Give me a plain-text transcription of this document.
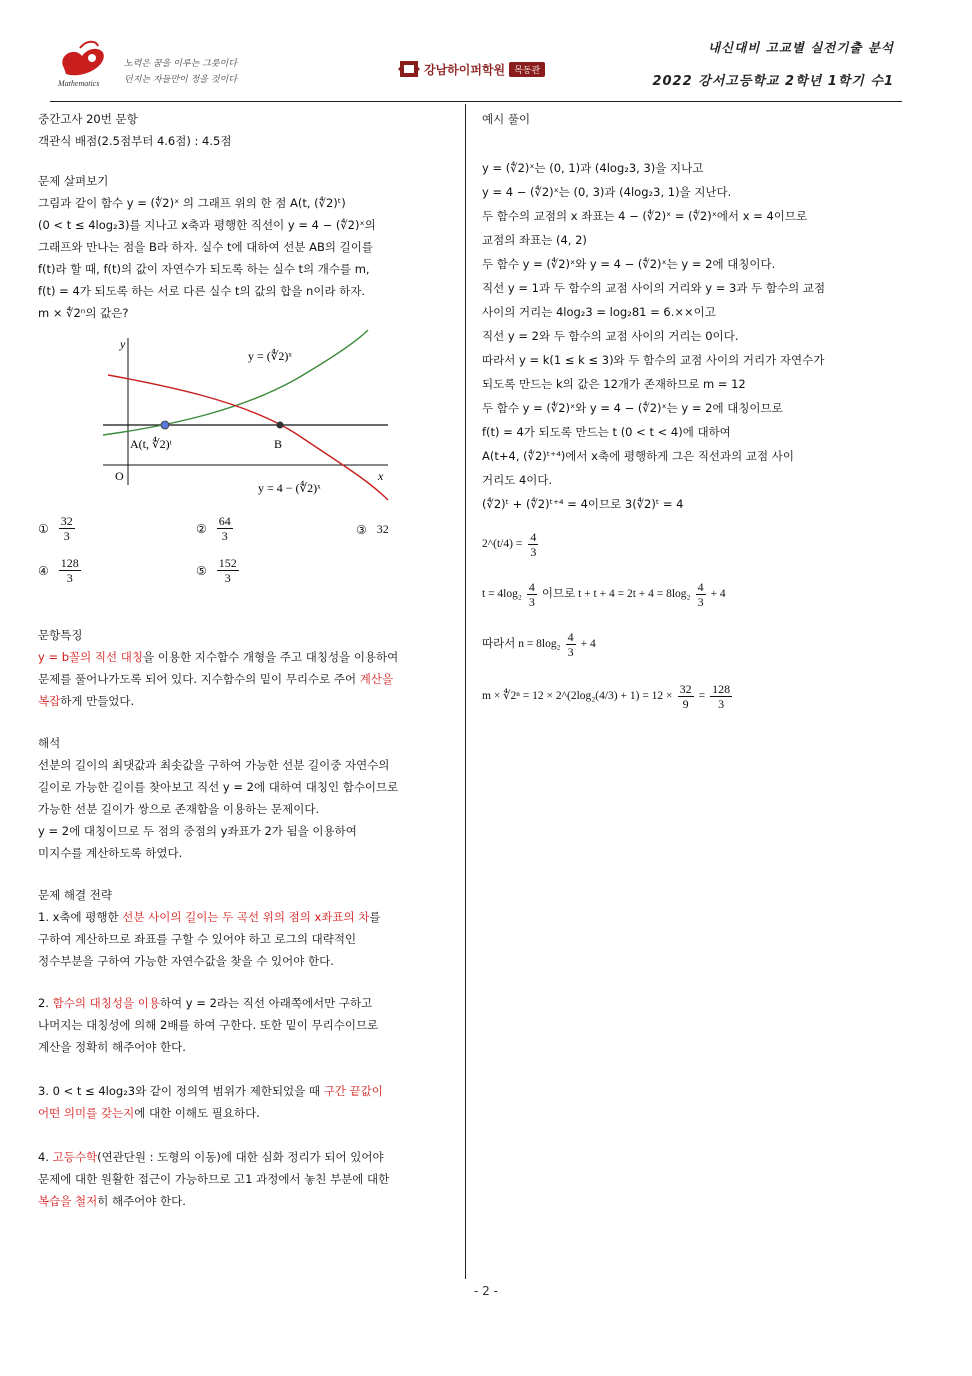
Mathematics
노력은 꿈을 이루는 그릇이다
던지는 자들만이 정을 것이다
강남하이퍼학원	목동관
내신대비 고교별 실전기출 분석
2022 강서고등학교 2학년 1학기 수1

중간고사 20번 문항

객관식 배점(2.5점부터 4.6점) : 4.5점

문제 살펴보기

그림과 같이 함수 y = (∜2)ˣ 의 그래프 위의 한 점 A(t, (∜2)ᵗ)

(0 < t ≤ 4log₂3)를 지나고 x축과 평행한 직선이 y = 4 − (∜2)ˣ의

그래프와 만나는 점을 B라 하자. 실수 t에 대하여 선분 AB의 길이를

f(t)라 할 때, f(t)의 값이 자연수가 되도록 하는 실수 t의 개수를 m,

f(t) = 4가 되도록 하는 서로 다른 실수 t의 값의 합을 n이라 하자.

m × ∜2ⁿ의 값은?

y
x
O
y = (∜2)ˣ
y = 4 − (∜2)ˣ
A(t, ∜2)ᵗ	B
① $\frac{32}{3}$	② $\frac{64}{3}$	③ 32
④ $\frac{128}{3}$	⑤ $\frac{152}{3}$

문항특징

y = b꼴의 직선 대칭을 이용한 지수함수 개형을 주고 대칭성을 이용하여

문제를 풀어나가도록 되어 있다. 지수함수의 밑이 무리수로 주어 계산을

복잡하게 만들었다.

해석

선분의 길이의 최댓값과 최솟값을 구하여 가능한 선분 길이중 자연수의

길이로 가능한 길이를 찾아보고 직선 y = 2에 대하여 대칭인 함수이므로

가능한 선분 길이가 쌍으로 존재함을 이용하는 문제이다.

y = 2에 대칭이므로 두 점의 중점의 y좌표가 2가 됨을 이용하여

미지수를 계산하도록 하였다.

문제 해결 전략

1. x축에 평행한 선분 사이의 길이는 두 곡선 위의 점의 x좌표의 차를

구하여 계산하므로 좌표를 구할 수 있어야 하고 로그의 대략적인

정수부분을 구하여 가능한 자연수값을 찾을 수 있어야 한다.

2. 함수의 대칭성을 이용하여 y = 2라는 직선 아래쪽에서만 구하고

나머지는 대칭성에 의해 2배를 하여 구한다. 또한 밑이 무리수이므로

계산을 정확히 해주어야 한다.

3. 0 < t ≤ 4log₂3와 같이 정의역 범위가 제한되었을 때 구간 끝값이

어떤 의미를 갖는지에 대한 이해도 필요하다.

4. 고등수학(연관단원 : 도형의 이동)에 대한 심화 정리가 되어 있어야

문제에 대한 원활한 접근이 가능하므로 고1 과정에서 놓친 부분에 대한

복습을 철저히 해주어야 한다.

예시 풀이

y = (∜2)ˣ는 (0, 1)과 (4log₂3, 3)을 지나고

y = 4 − (∜2)ˣ는 (0, 3)과 (4log₂3, 1)을 지난다.

두 함수의 교점의 x 좌표는 4 − (∜2)ˣ = (∜2)ˣ에서 x = 4이므로

교점의 좌표는 (4, 2)

두 함수 y = (∜2)ˣ와 y = 4 − (∜2)ˣ는 y = 2에 대칭이다.

직선 y = 1과 두 함수의 교점 사이의 거리와 y = 3과 두 함수의 교점

사이의 거리는 4log₂3 = log₂81 = 6.××이고

직선 y = 2와 두 함수의 교점 사이의 거리는 0이다.

따라서 y = k(1 ≤ k ≤ 3)와 두 함수의 교점 사이의 거리가 자연수가

되도록 만드는 k의 값은 12개가 존재하므로 m = 12

두 함수 y = (∜2)ˣ와 y = 4 − (∜2)ˣ는 y = 2에 대칭이므로

f(t) = 4가 되도록 만드는 t (0 < t < 4)에 대하여

A(t+4, (∜2)ᵗ⁺⁴)에서 x축에 평행하게 그은 직선과의 교점 사이

거리도 4이다.

(∜2)ᵗ + (∜2)ᵗ⁺⁴ = 4이므로 3(∜2)ᵗ = 4

2^(t/4) = $\frac{4}{3}$

$t = 4\log_2 \frac{4}{3}$ 이므로 $t + t + 4 = 2t + 4 = 8\log_2 \frac{4}{3} + 4$

따라서 $n = 8\log_2 \frac{4}{3} + 4$

m × ∜2ⁿ = 12 × 2^(2log₂(4/3) + $1) = 12 \times \frac{32}{9} = \frac{128}{3}$

- 2 -
